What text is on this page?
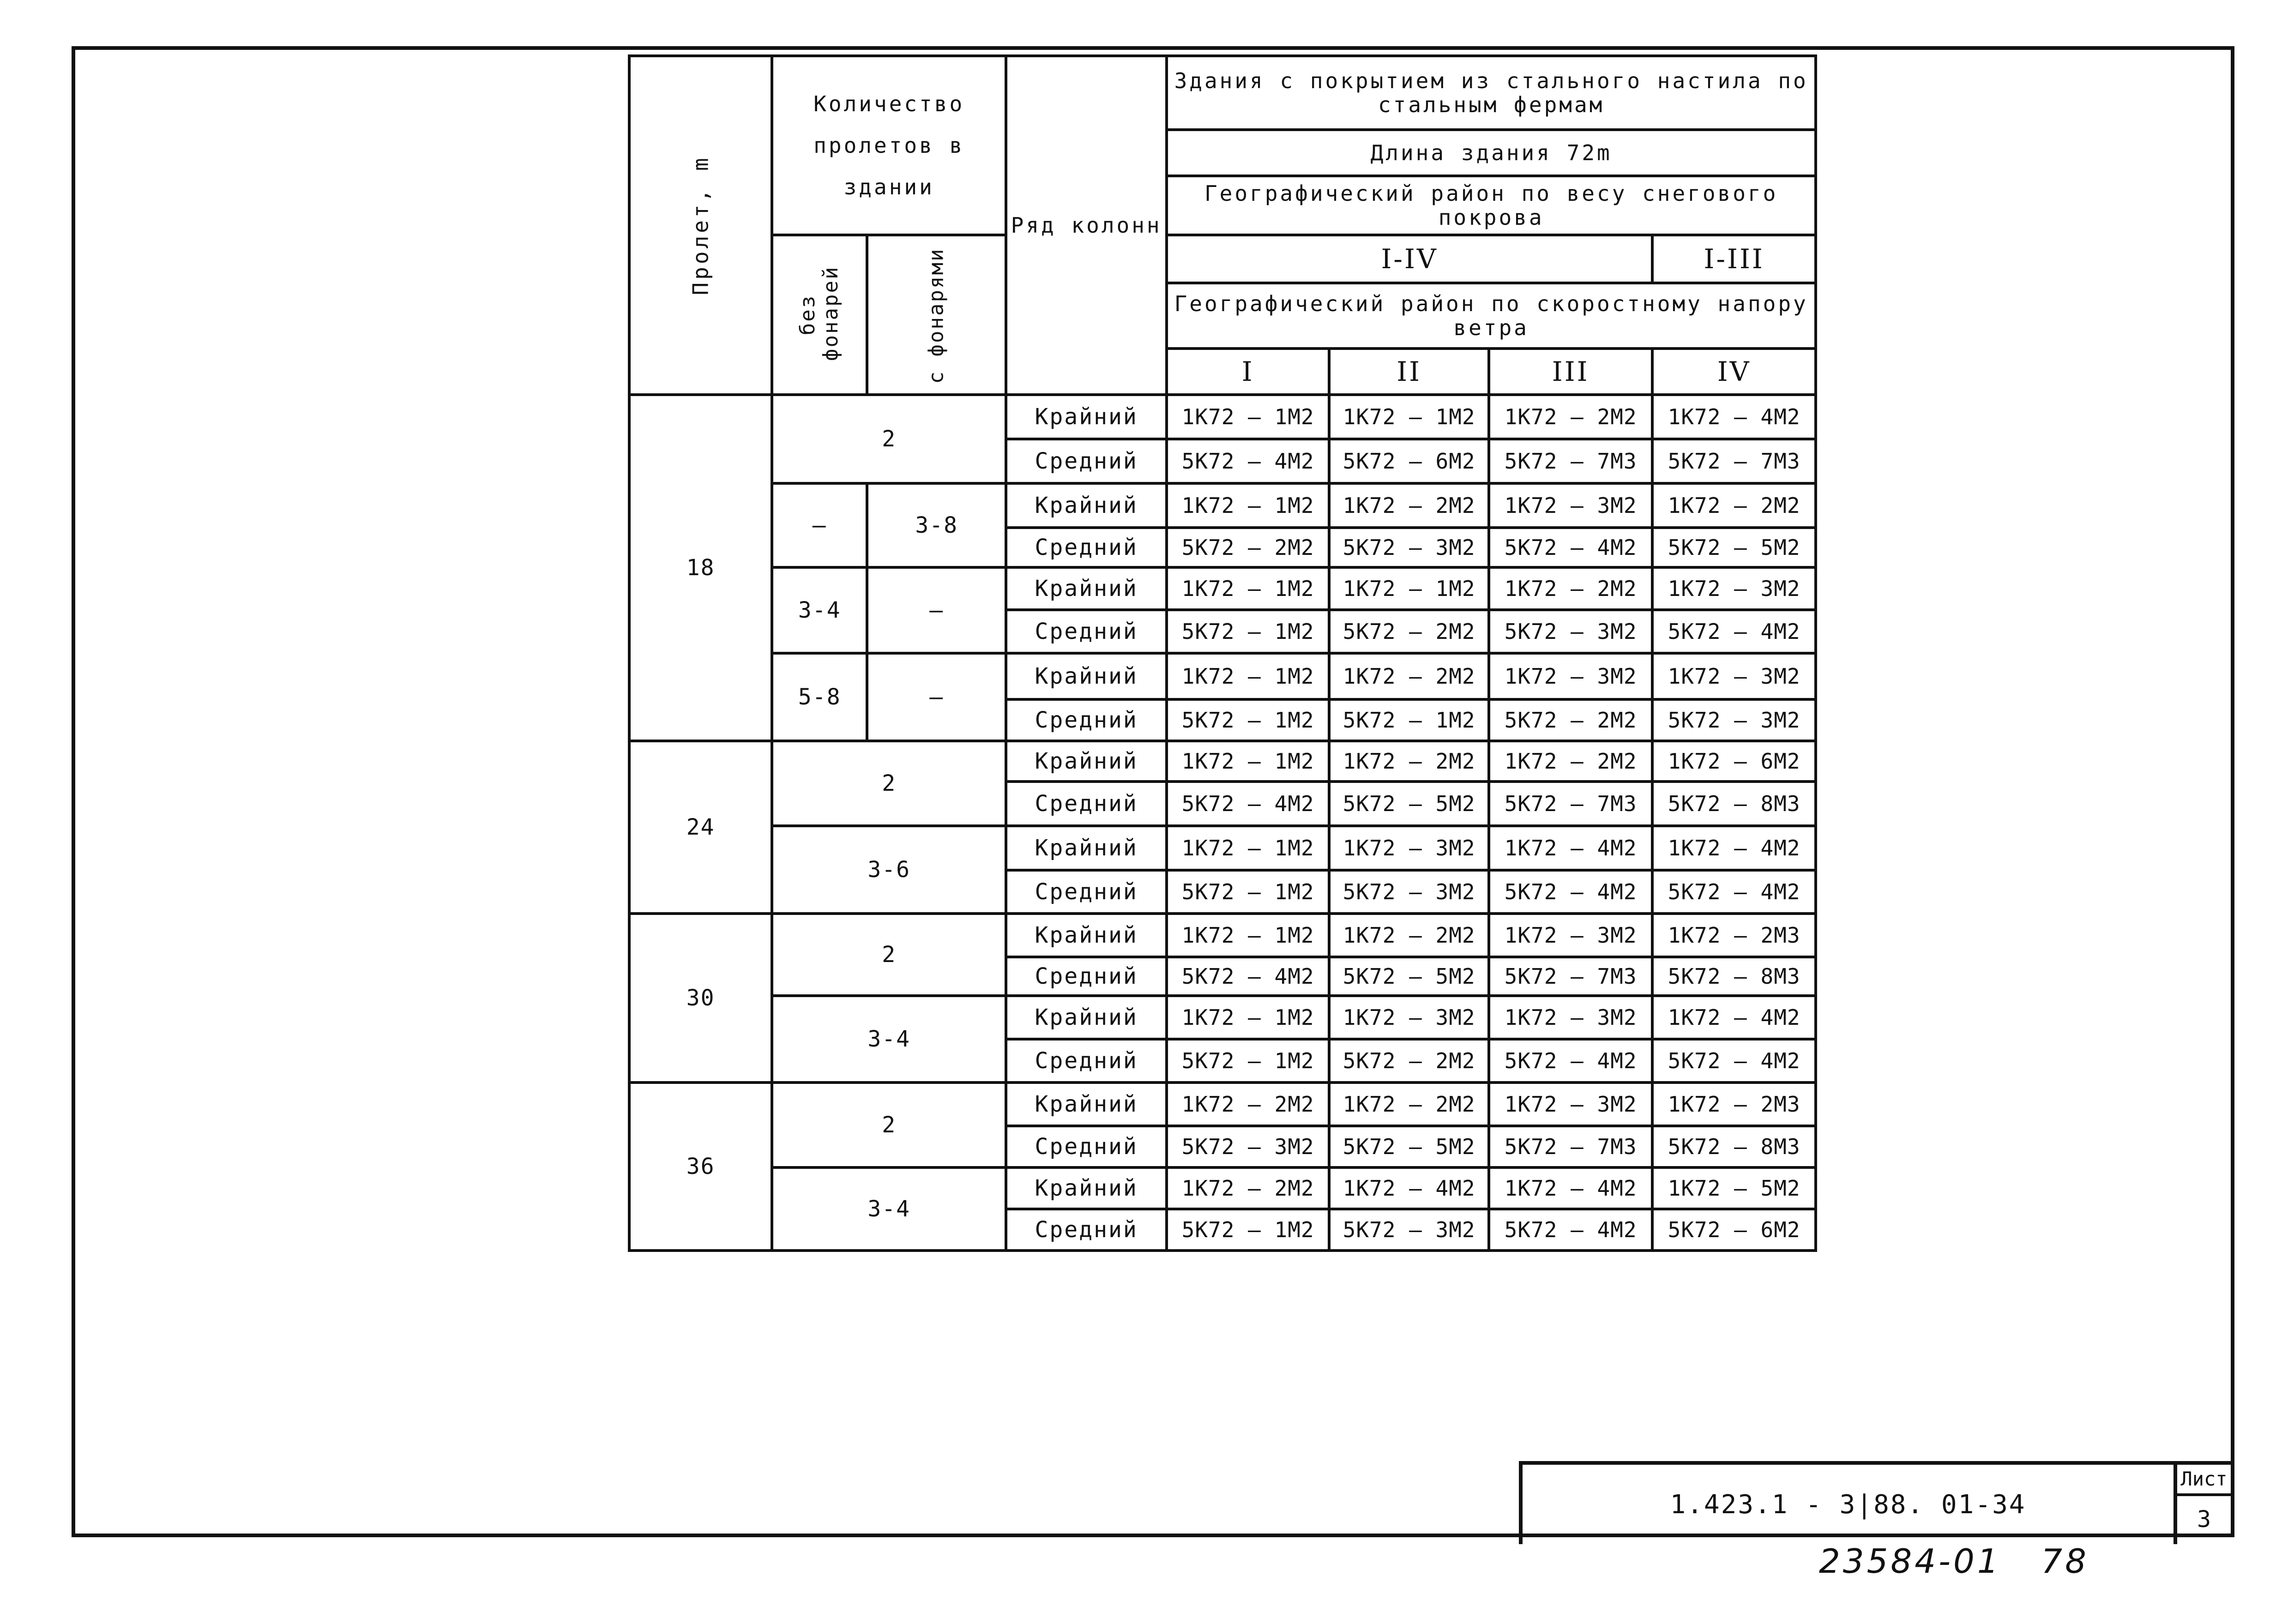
Пролет, m	Количество пролетов в здании		Ряд колонн	Здания с покрытием из стального настила по стальным фермам			
				Длина здания 72m			
				Географический район по весу снегового покрова			
	без фонарей	с фонарями		I-IV			I-III
				Географический район по скоростному напору ветра			
				I	II	III	IV
18	2		Крайний	1K72 — 1M2	1K72 — 1M2	1K72 — 2M2	1K72 — 4M2
			Средний	5K72 — 4M2	5K72 — 6M2	5K72 — 7M3	5K72 — 7M3
	—	3-8	Крайний	1K72 — 1M2	1K72 — 2M2	1K72 — 3M2	1K72 — 2M2
			Средний	5K72 — 2M2	5K72 — 3M2	5K72 — 4M2	5K72 — 5M2
	3-4	—	Крайний	1K72 — 1M2	1K72 — 1M2	1K72 — 2M2	1K72 — 3M2
			Средний	5K72 — 1M2	5K72 — 2M2	5K72 — 3M2	5K72 — 4M2
	5-8	—	Крайний	1K72 — 1M2	1K72 — 2M2	1K72 — 3M2	1K72 — 3M2
			Средний	5K72 — 1M2	5K72 — 1M2	5K72 — 2M2	5K72 — 3M2
24	2		Крайний	1K72 — 1M2	1K72 — 2M2	1K72 — 2M2	1K72 — 6M2
			Средний	5K72 — 4M2	5K72 — 5M2	5K72 — 7M3	5K72 — 8M3
	3-6		Крайний	1K72 — 1M2	1K72 — 3M2	1K72 — 4M2	1K72 — 4M2
			Средний	5K72 — 1M2	5K72 — 3M2	5K72 — 4M2	5K72 — 4M2
30	2		Крайний	1K72 — 1M2	1K72 — 2M2	1K72 — 3M2	1K72 — 2M3
			Средний	5K72 — 4M2	5K72 — 5M2	5K72 — 7M3	5K72 — 8M3
	3-4		Крайний	1K72 — 1M2	1K72 — 3M2	1K72 — 3M2	1K72 — 4M2
			Средний	5K72 — 1M2	5K72 — 2M2	5K72 — 4M2	5K72 — 4M2
36	2		Крайний	1K72 — 2M2	1K72 — 2M2	1K72 — 3M2	1K72 — 2M3
			Средний	5K72 — 3M2	5K72 — 5M2	5K72 — 7M3	5K72 — 8M3
	3-4		Крайний	1K72 — 2M2	1K72 — 4M2	1K72 — 4M2	1K72 — 5M2
			Средний	5K72 — 1M2	5K72 — 3M2	5K72 — 4M2	5K72 — 6M2
1.423.1 - 3|88. 01-34
Лист
3
23584-01   78
